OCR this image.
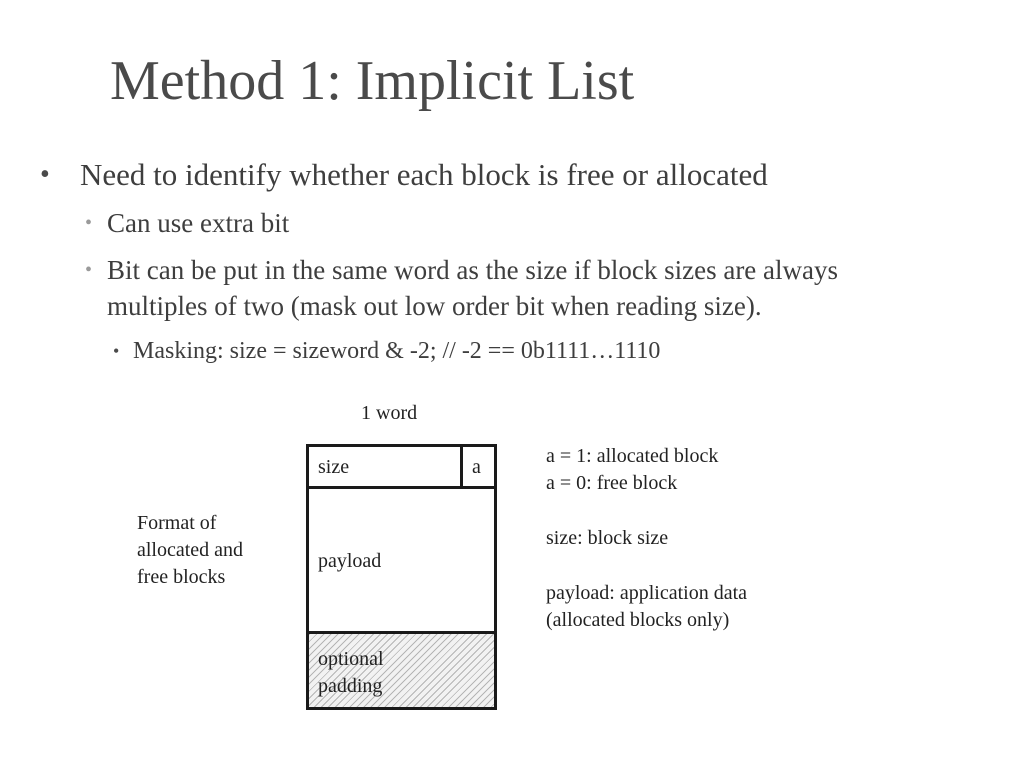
Method 1: Implicit List
• Need to identify whether each block is free or allocated
• Can use extra bit
• Bit can be put in the same word as the size if block sizes are always
multiples of two (mask out low order bit when reading size).
• Masking: size = sizeword & -2; // -2 == 0b1111…1110
1 word
Format of
allocated and
free blocks
size	a
payload
optional
padding
a = 1: allocated block
a = 0: free block
size: block size
payload: application data
(allocated blocks only)
